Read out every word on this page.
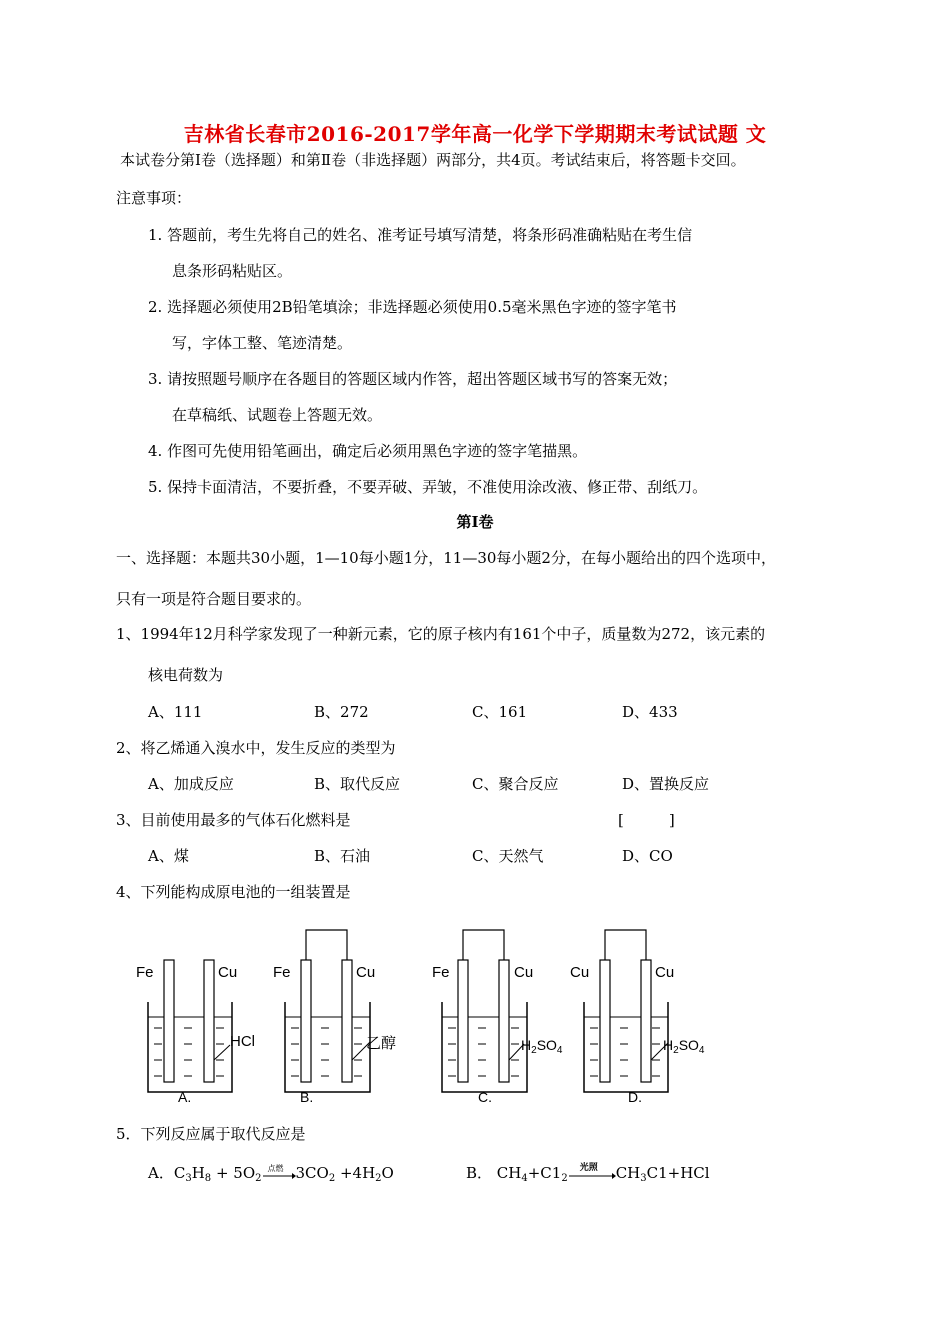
吉林省长春市2016-2017学年高一化学下学期期末考试试题 文
本试卷分第Ⅰ卷（选择题）和第Ⅱ卷（非选择题）两部分，共4页。考试结束后，将答题卡交回。
注意事项：
1. 答题前，考生先将自己的姓名、准考证号填写清楚，将条形码准确粘贴在考生信
息条形码粘贴区。
2. 选择题必须使用2B铅笔填涂；非选择题必须使用0.5毫米黑色字迹的签字笔书
写，字体工整、笔迹清楚。
3. 请按照题号顺序在各题目的答题区域内作答，超出答题区域书写的答案无效；
在草稿纸、试题卷上答题无效。
4. 作图可先使用铅笔画出，确定后必须用黑色字迹的签字笔描黑。
5. 保持卡面清洁，不要折叠，不要弄破、弄皱，不准使用涂改液、修正带、刮纸刀。
第Ⅰ卷
一、选择题：本题共30小题，1—10每小题1分，11—30每小题2分，在每小题给出的四个选项中，
只有一项是符合题目要求的。
1、1994年12月科学家发现了一种新元素，它的原子核内有161个中子，质量数为272，该元素的
核电荷数为
A、111	B、272	C、161	D、433
2、将乙烯通入溴水中，发生反应的类型为
A、加成反应	B、取代反应	C、聚合反应	D、置换反应
3、目前使用最多的气体石化燃料是	[　　　]
A、煤	B、石油	C、天然气	D、CO
4、下列能构成原电池的一组装置是
Fe	Cu
HCl
A.
Fe	Cu
乙醇
B.
Fe	Cu
$H_2SO_4$
C.
Cu	Cu
$H_2SO_4$
D.
5．下列反应属于取代反应是
A．$C_3H_8 + 5O_2$
点燃 $3CO_2 +4H_2O$	B． $CH_4+C1_2$
光照 $CH_3C1+HCl$
